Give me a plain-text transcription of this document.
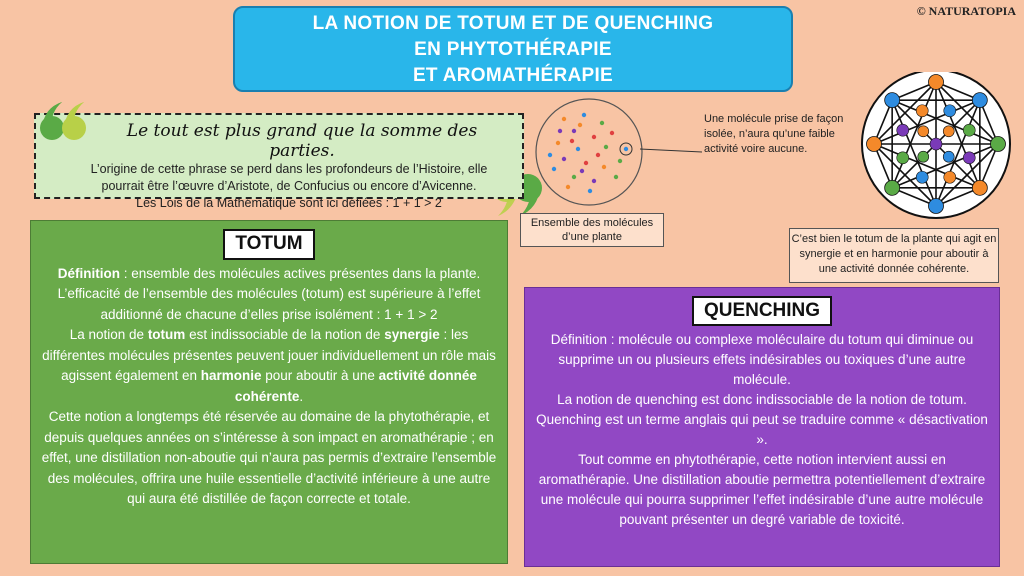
LA NOTION DE TOTUM ET DE QUENCHING
EN PHYTOTHÉRAPIE
ET AROMATHÉRAPIE
© NATURATOPIA
Le tout est plus grand que la somme des parties.
L’origine de cette phrase se perd dans les profondeurs de l’Histoire, elle
pourrait être l’œuvre d’Aristote, de Confucius ou encore d’Avicenne.
Les Lois de la Mathématique sont ici défiées : 1 + 1 > 2
Ensemble des molécules d’une plante
Une molécule prise de façon isolée, n’aura qu’une faible activité voire aucune.
C’est bien le totum de la plante qui agit en synergie et en harmonie pour aboutir à une activité donnée cohérente.
TOTUM

Définition : ensemble des molécules actives présentes dans la plante.

L’efficacité de l’ensemble des molécules (totum) est supérieure à l’effet additionné de chacune d’elles prise isolément : 1 + 1 > 2

La notion de totum est indissociable de la notion de synergie : les différentes molécules présentes peuvent jouer individuellement un rôle mais agissent également en harmonie pour aboutir à une activité donnée cohérente.

Cette notion a longtemps été réservée au domaine de la phytothérapie, et depuis quelques années on s’intéresse à son impact en aromathérapie ; en effet, une distillation non-aboutie qui n’aura pas permis d’extraire l’ensemble des molécules, offrira une huile essentielle d’activité inférieure à une autre qui aura été distillée de façon correcte et totale.

QUENCHING

Définition : molécule ou complexe moléculaire du totum qui diminue ou supprime un ou plusieurs effets indésirables ou toxiques d’une autre molécule.

La notion de quenching est donc indissociable de la notion de totum. Quenching est un terme anglais qui peut se traduire comme « désactivation ».

Tout comme en phytothérapie, cette notion intervient aussi en aromathérapie. Une distillation aboutie permettra potentiellement d’extraire une molécule qui pourra supprimer l’effet indésirable d’une autre molécule pouvant présenter un degré variable de toxicité.
